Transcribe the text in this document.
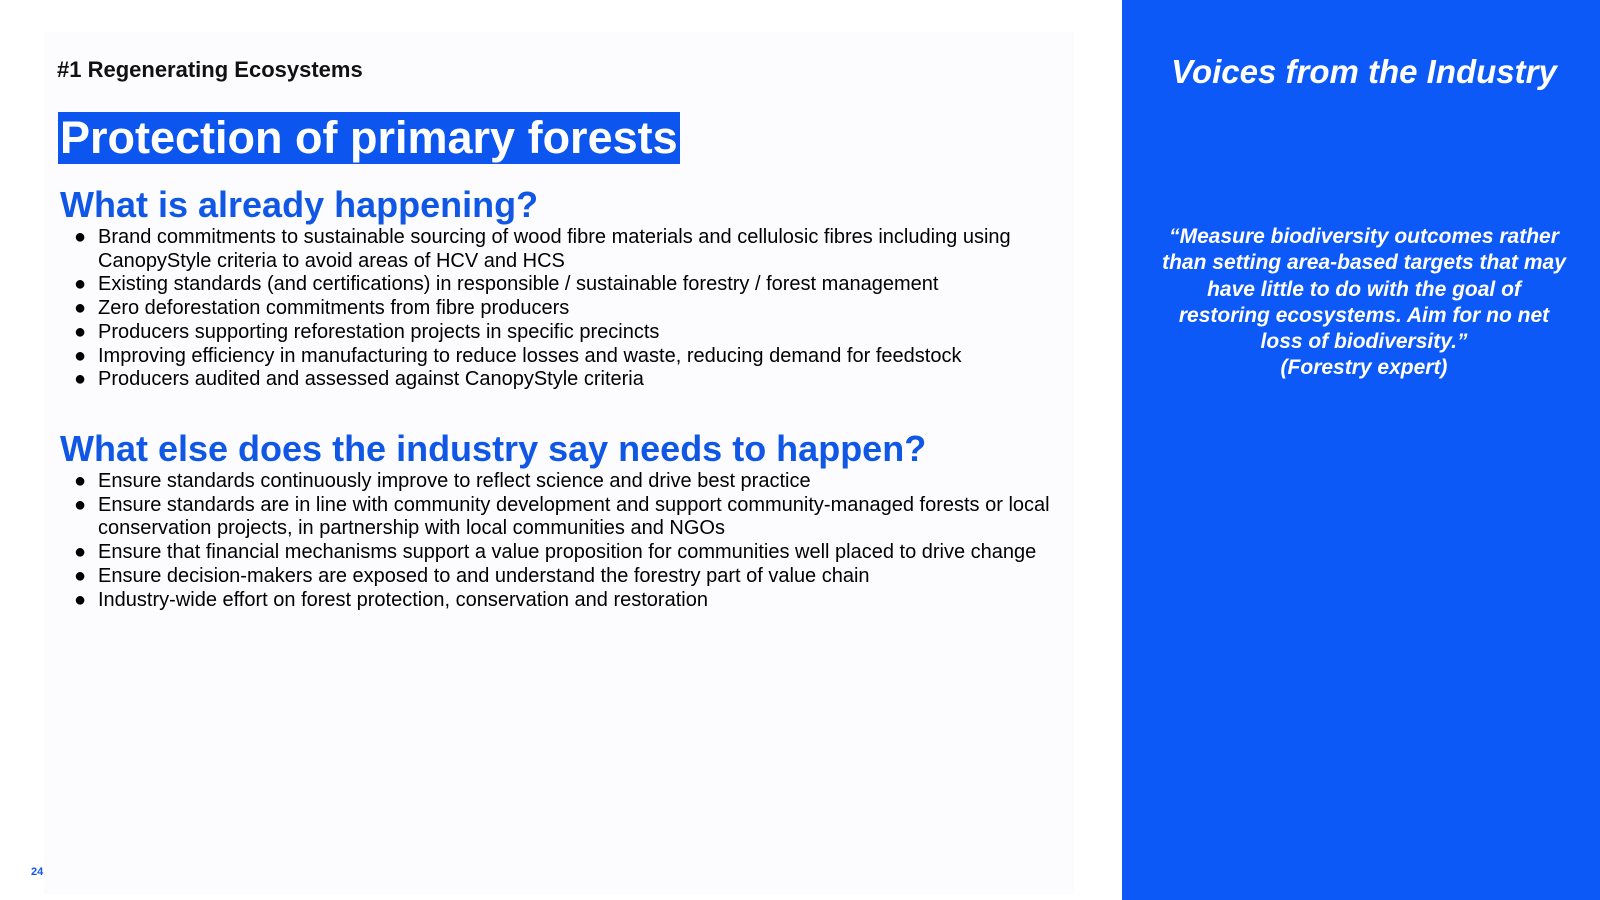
#1 Regenerating Ecosystems
Protection of primary forests
What is already happening?
● Brand commitments to sustainable sourcing of wood fibre materials and cellulosic fibres including using CanopyStyle criteria to avoid areas of HCV and HCS
● Existing standards (and certifications) in responsible / sustainable forestry / forest management
● Zero deforestation commitments from fibre producers
● Producers supporting reforestation projects in specific precincts
● Improving efficiency in manufacturing to reduce losses and waste, reducing demand for feedstock
● Producers audited and assessed against CanopyStyle criteria
What else does the industry say needs to happen?
● Ensure standards continuously improve to reflect science and drive best practice
● Ensure standards are in line with community development and support community-managed forests or local conservation projects, in partnership with local communities and NGOs
● Ensure that financial mechanisms support a value proposition for communities well placed to drive change
● Ensure decision-makers are exposed to and understand the forestry part of value chain
● Industry-wide effort on forest protection, conservation and restoration
24
Voices from the Industry
“Measure biodiversity outcomes rather than setting area-based targets that may have little to do with the goal of restoring ecosystems. Aim for no net loss of biodiversity.”
(Forestry expert)
